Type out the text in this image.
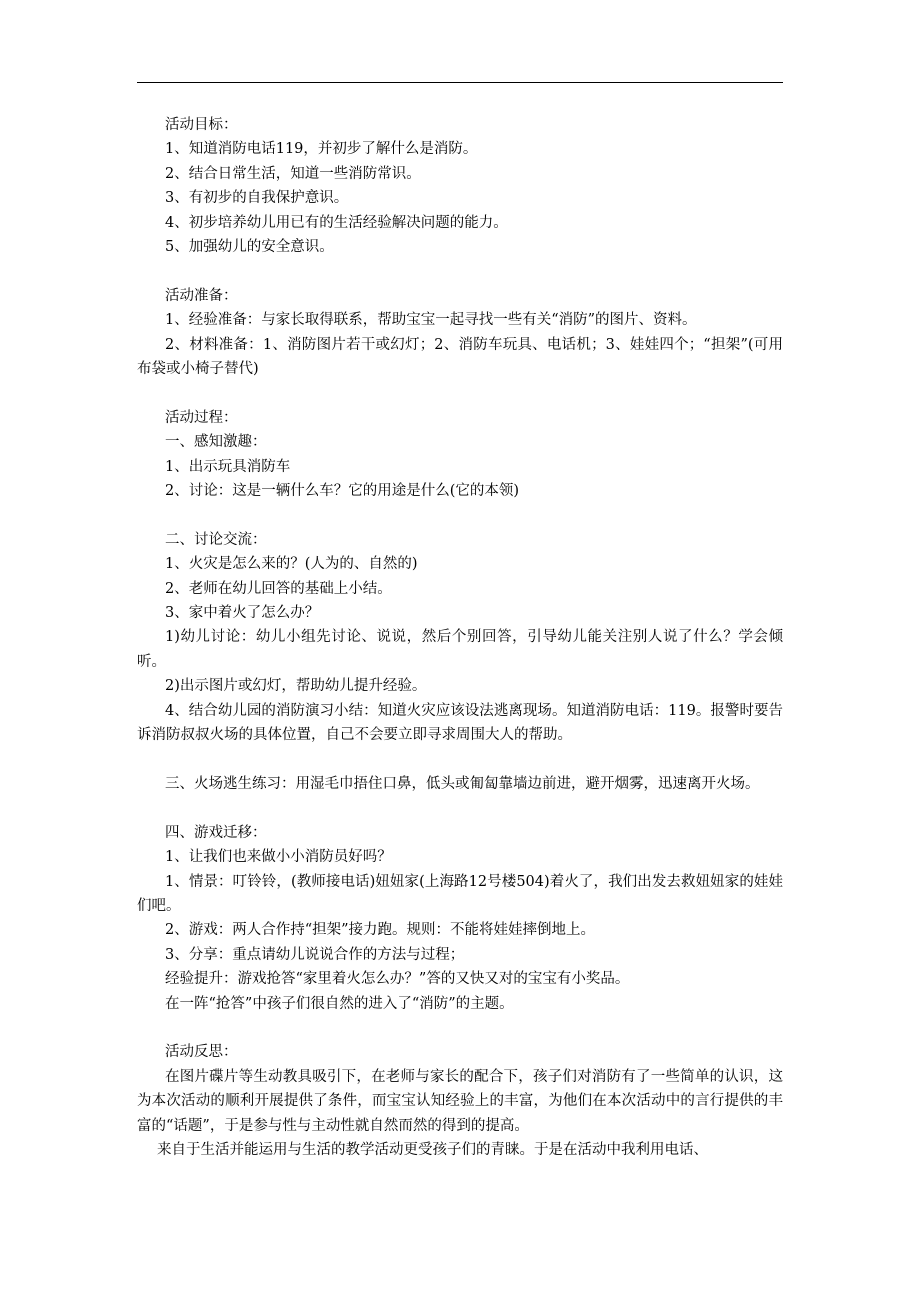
活动目标：

1、知道消防电话119，并初步了解什么是消防。

2、结合日常生活，知道一些消防常识。

3、有初步的自我保护意识。

4、初步培养幼儿用已有的生活经验解决问题的能力。

5、加强幼儿的安全意识。

活动准备：

1、经验准备：与家长取得联系，帮助宝宝一起寻找一些有关“消防”的图片、资料。

2、材料准备：1、消防图片若干或幻灯；2、消防车玩具、电话机；3、娃娃四个；“担架”(可用布袋或小椅子替代)

活动过程：

一、感知激趣：

1、出示玩具消防车

2、讨论：这是一辆什么车？它的用途是什么(它的本领)

二、讨论交流：

1、火灾是怎么来的？(人为的、自然的)

2、老师在幼儿回答的基础上小结。

3、家中着火了怎么办？

1)幼儿讨论：幼儿小组先讨论、说说，然后个别回答，引导幼儿能关注别人说了什么？学会倾听。

2)出示图片或幻灯，帮助幼儿提升经验。

4、结合幼儿园的消防演习小结：知道火灾应该设法逃离现场。知道消防电话：119。报警时要告诉消防叔叔火场的具体位置，自己不会要立即寻求周围大人的帮助。

三、火场逃生练习：用湿毛巾捂住口鼻，低头或匍匐靠墙边前进，避开烟雾，迅速离开火场。

四、游戏迁移：

1、让我们也来做小小消防员好吗？

1、情景：叮铃铃，(教师接电话)妞妞家(上海路12号楼504)着火了，我们出发去救妞妞家的娃娃们吧。

2、游戏：两人合作持“担架”接力跑。规则：不能将娃娃摔倒地上。

3、分享：重点请幼儿说说合作的方法与过程；

经验提升：游戏抢答“家里着火怎么办？”答的又快又对的宝宝有小奖品。

在一阵“抢答”中孩子们很自然的进入了“消防”的主题。

活动反思：

在图片碟片等生动教具吸引下，在老师与家长的配合下，孩子们对消防有了一些简单的认识，这为本次活动的顺利开展提供了条件，而宝宝认知经验上的丰富，为他们在本次活动中的言行提供的丰富的“话题”，于是参与性与主动性就自然而然的得到的提高。

来自于生活并能运用与生活的教学活动更受孩子们的青睐。于是在活动中我利用电话、
